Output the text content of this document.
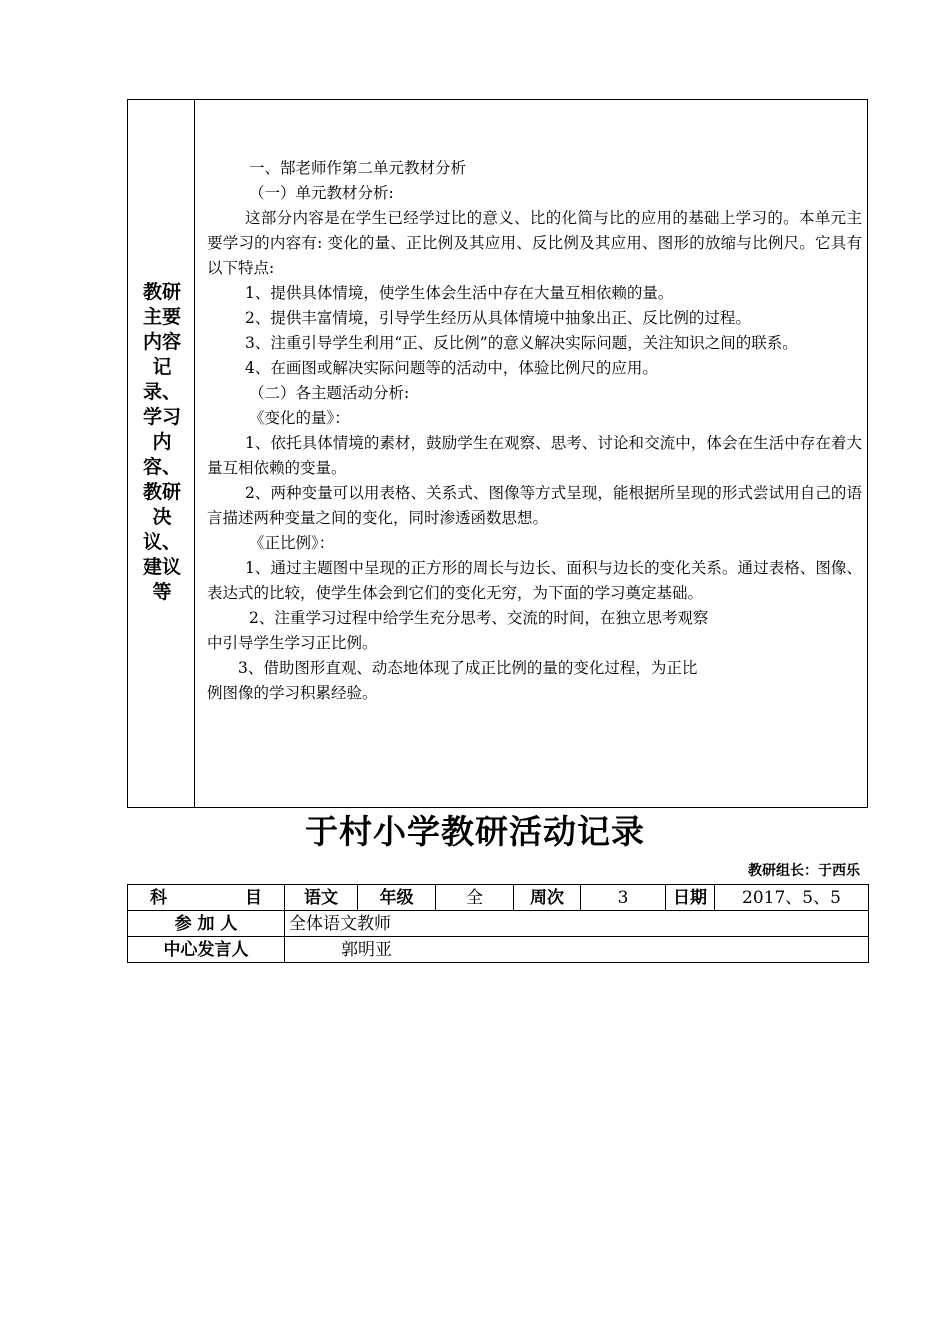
教研主要内容记录、学习内容、教研决议、建议等

一、郜老师作第二单元教材分析

（一）单元教材分析:

这部分内容是在学生已经学过比的意义、比的化简与比的应用的基础上学习的。本单元主要学习的内容有: 变化的量、正比例及其应用、反比例及其应用、图形的放缩与比例尺。它具有以下特点:

1、提供具体情境，使学生体会生活中存在大量互相依赖的量。

2、提供丰富情境，引导学生经历从具体情境中抽象出正、反比例的过程。

3、注重引导学生利用“正、反比例”的意义解决实际问题，关注知识之间的联系。

4、在画图或解决实际问题等的活动中，体验比例尺的应用。

（二）各主题活动分析:

《变化的量》：

1、依托具体情境的素材，鼓励学生在观察、思考、讨论和交流中，体会在生活中存在着大量互相依赖的变量。

2、两种变量可以用表格、关系式、图像等方式呈现，能根据所呈现的形式尝试用自己的语言描述两种变量之间的变化，同时渗透函数思想。

《正比例》：

1、通过主题图中呈现的正方形的周长与边长、面积与边长的变化关系。通过表格、图像、表达式的比较，使学生体会到它们的变化无穷，为下面的学习奠定基础。

2、注重学习过程中给学生充分思考、交流的时间，在独立思考观察

中引导学生学习正比例。

3、借助图形直观、动态地体现了成正比例的量的变化过程，为正比

例图像的学习积累经验。

于村小学教研活动记录
教研组长：于西乐
科目	语文	年级	全	周次	3	日期	2017、5、5
参 加 人	全体语文教师						
中心发言人	郭明亚						
